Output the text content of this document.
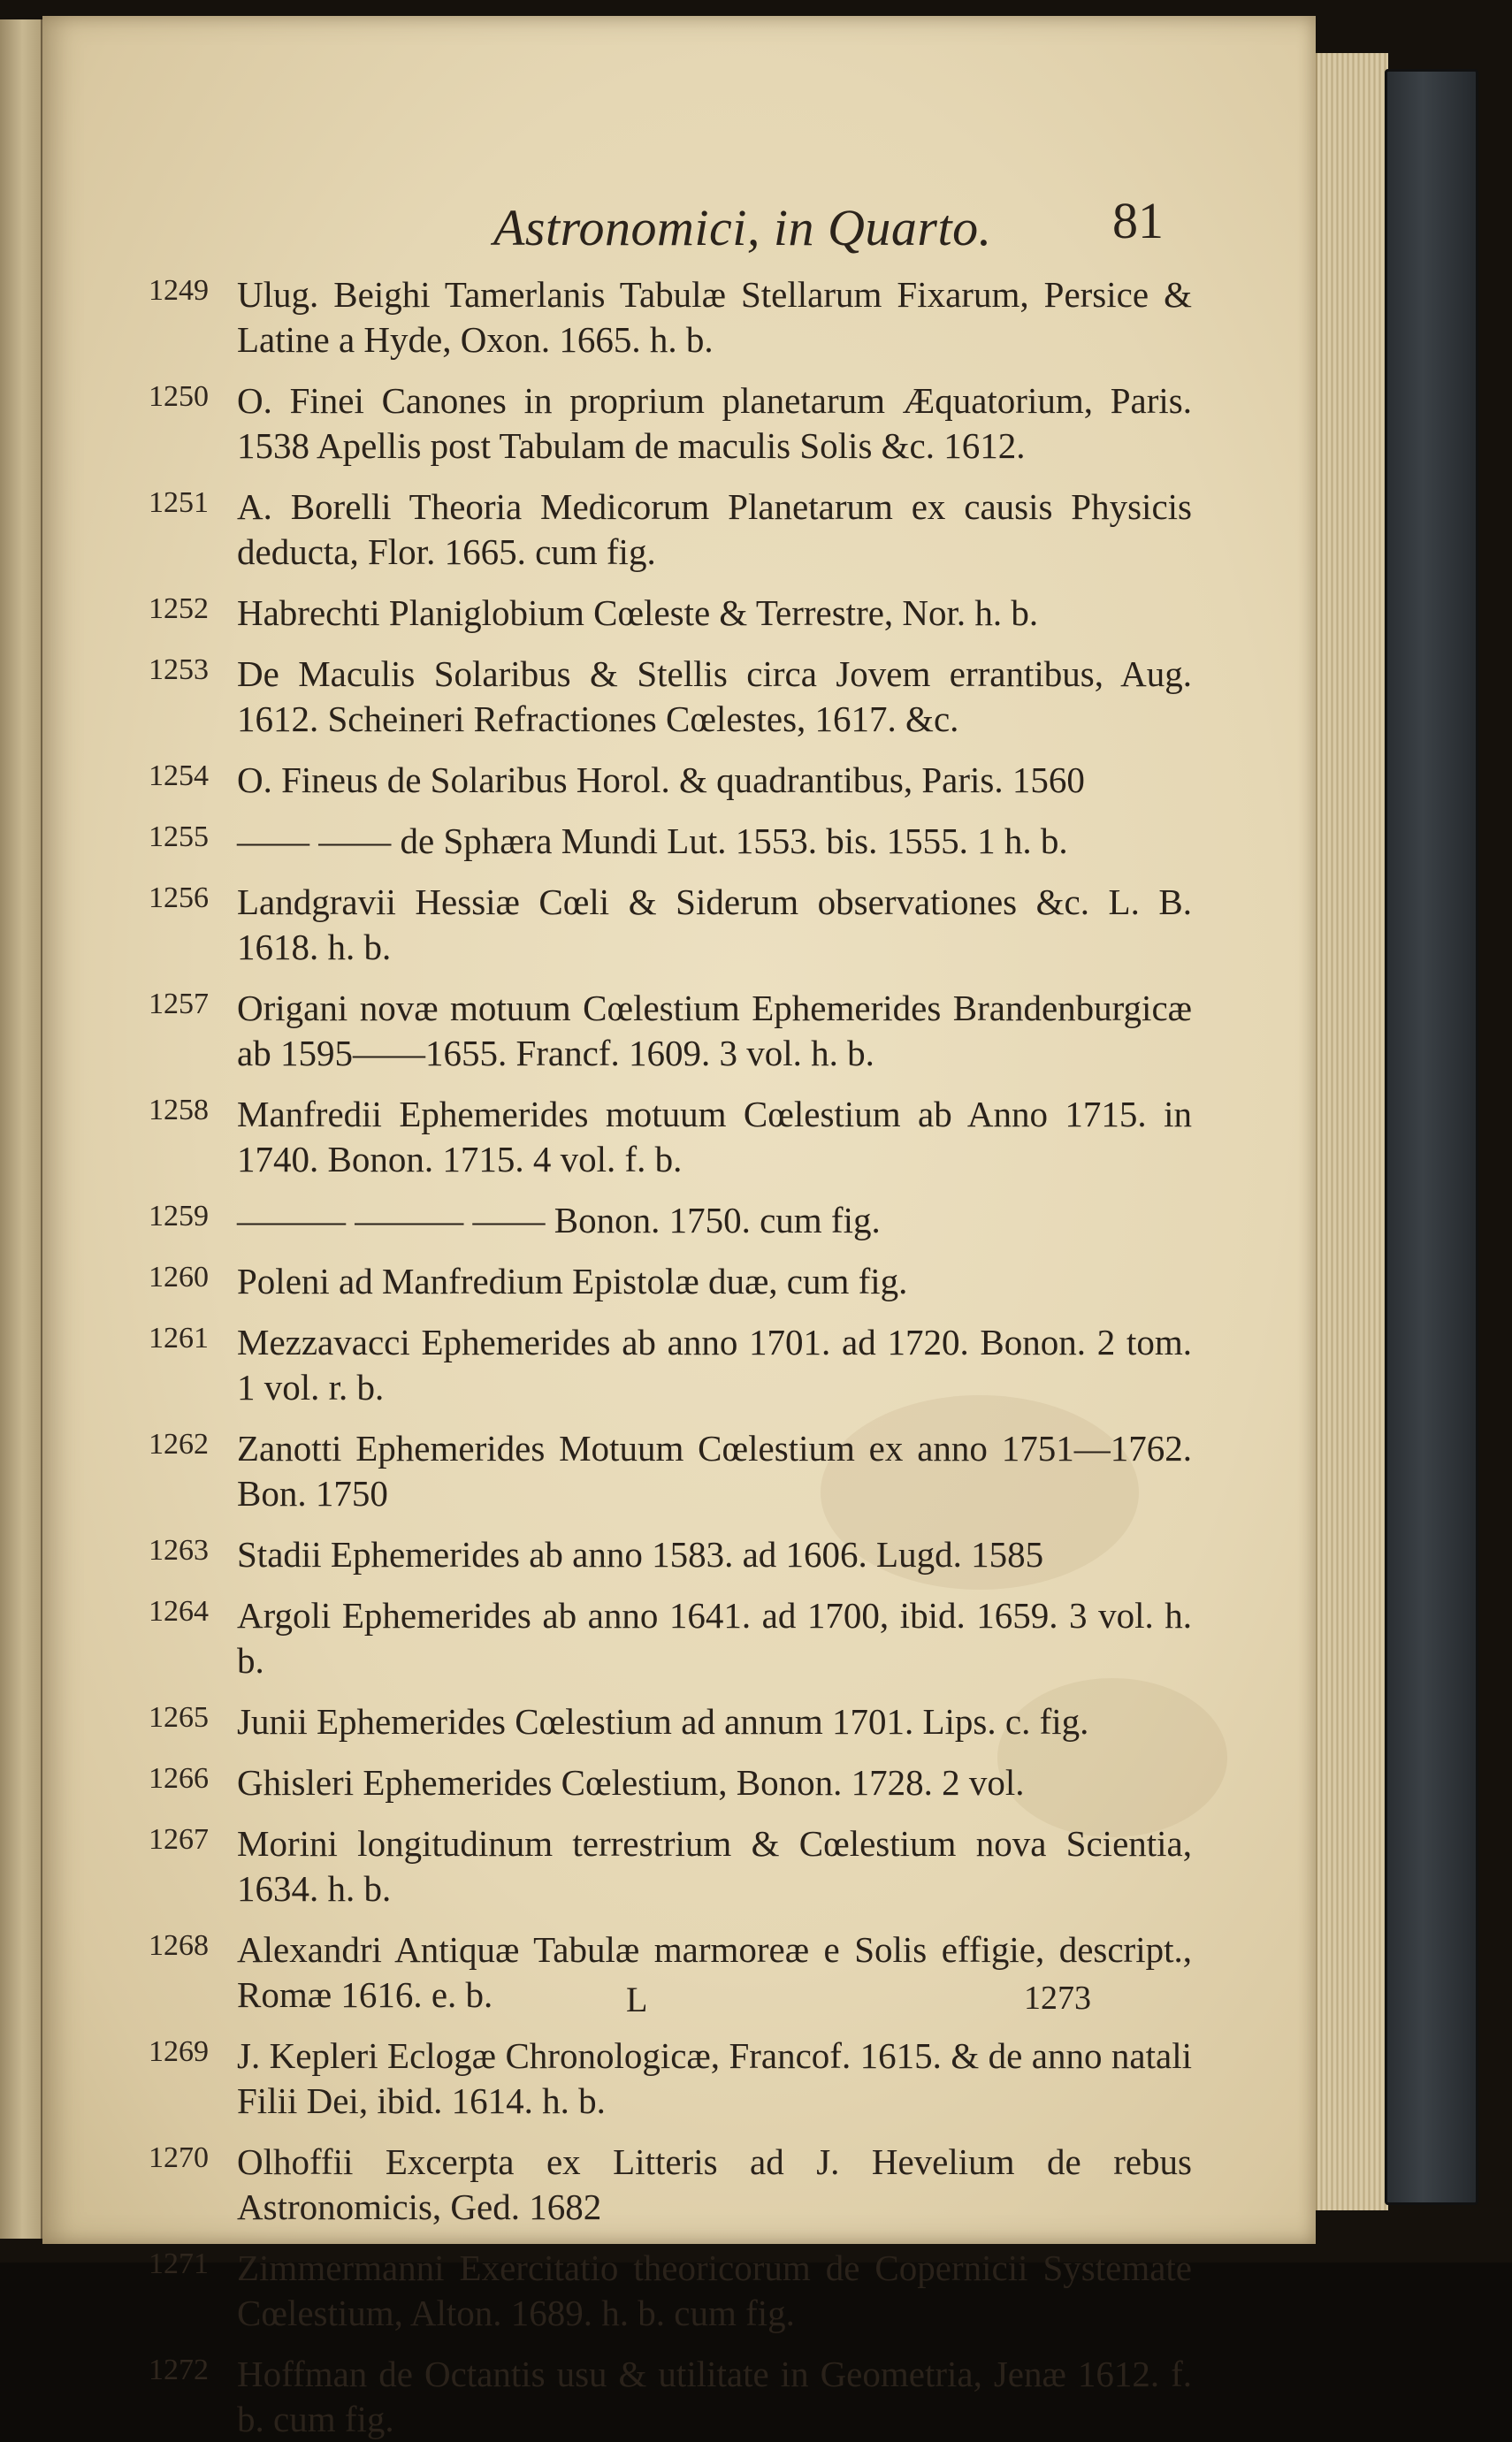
Astronomici, in Quarto. 81
1249 Ulug. Beighi Tamerlanis Tabulæ Stellarum Fixarum, Persice & Latine a Hyde, Oxon. 1665. h. b.
1250 O. Finei Canones in proprium planetarum Æquatorium, Paris. 1538 Apellis post Tabulam de maculis Solis &c. 1612.
1251 A. Borelli Theoria Medicorum Planetarum ex causis Physicis deducta, Flor. 1665. cum fig.
1252 Habrechti Planiglobium Cœleste & Terrestre, Nor. h. b.
1253 De Maculis Solaribus & Stellis circa Jovem errantibus, Aug. 1612. Scheineri Refractiones Cœlestes, 1617. &c.
1254 O. Fineus de Solaribus Horol. & quadrantibus, Paris. 1560
1255 —— —— de Sphæra Mundi Lut. 1553. bis. 1555. 1 h. b.
1256 Landgravii Hessiæ Cœli & Siderum observationes &c. L. B. 1618. h. b.
1257 Origani novæ motuum Cœlestium Ephemerides Brandenburgicæ ab 1595——1655. Francf. 1609. 3 vol. h. b.
1258 Manfredii Ephemerides motuum Cœlestium ab Anno 1715. in 1740. Bonon. 1715. 4 vol. f. b.
1259 ——— ——— —— Bonon. 1750. cum fig.
1260 Poleni ad Manfredium Epistolæ duæ, cum fig.
1261 Mezzavacci Ephemerides ab anno 1701. ad 1720. Bonon. 2 tom. 1 vol. r. b.
1262 Zanotti Ephemerides Motuum Cœlestium ex anno 1751—1762. Bon. 1750
1263 Stadii Ephemerides ab anno 1583. ad 1606. Lugd. 1585
1264 Argoli Ephemerides ab anno 1641. ad 1700, ibid. 1659. 3 vol. h. b.
1265 Junii Ephemerides Cœlestium ad annum 1701. Lips. c. fig.
1266 Ghisleri Ephemerides Cœlestium, Bonon. 1728. 2 vol.
1267 Morini longitudinum terrestrium & Cœlestium nova Scientia, 1634. h. b.
1268 Alexandri Antiquæ Tabulæ marmoreæ e Solis effigie, descript., Romæ 1616. e. b.
1269 J. Kepleri Eclogæ Chronologicæ, Francof. 1615. & de anno natali Filii Dei, ibid. 1614. h. b.
1270 Olhoffii Excerpta ex Litteris ad J. Hevelium de rebus Astronomicis, Ged. 1682
1271 Zimmermanni Exercitatio theoricorum de Copernicii Systemate Cœlestium, Alton. 1689. h. b. cum fig.
1272 Hoffman de Octantis usu & utilitate in Geometria, Jenæ 1612. f. b. cum fig.
L	1273
